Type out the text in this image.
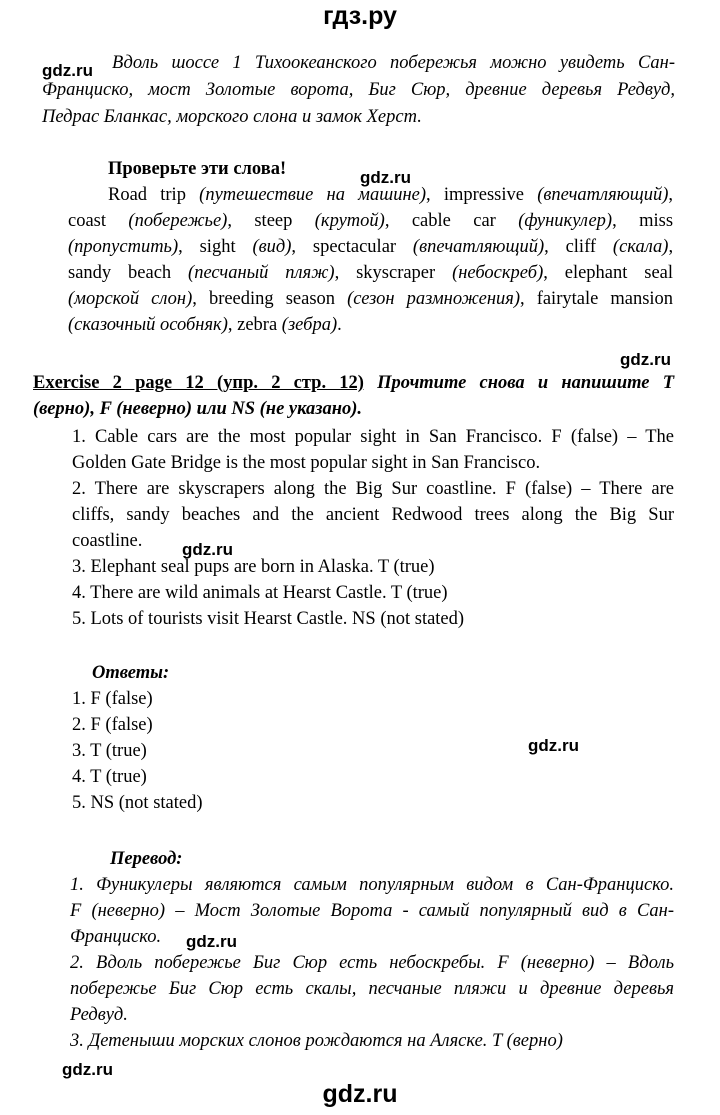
гдз.ру
gdz.ru Вдоль шоссе 1 Тихоокеанского побережья можно увидеть Сан-
Франциско, мост Золотые ворота, Биг Сюр, древние деревья Редвуд,
Педрас Бланкас, морского слона и замок Херст.
Проверьте эти слова!	gdz.ru
Road trip (путешествие на машине), impressive (впечатляющий),
coast (побережье), steep (крутой), cable car (фуникулер), miss
(пропустить), sight (вид), spectacular (впечатляющий), cliff (скала),
sandy beach (песчаный пляж), skyscraper (небоскреб), elephant seal
(морской слон), breeding season (сезон размножения), fairytale mansion
(сказочный особняк), zebra (зебра).
gdz.ru
Exercise 2 page 12 (упр. 2 стр. 12) Прочтите снова и напишите T
(верно), F (неверно) или NS (не указано).
1. Cable cars are the most popular sight in San Francisco. F (false) – The
Golden Gate Bridge is the most popular sight in San Francisco.
2. There are skyscrapers along the Big Sur coastline. F (false) – There are
cliffs, sandy beaches and the ancient Redwood trees along the Big Sur
coastline.	gdz.ru
3. Elephant seal pups are born in Alaska. T (true)
4. There are wild animals at Hearst Castle. T (true)
5. Lots of tourists visit Hearst Castle. NS (not stated)
Ответы:
1. F (false)
2. F (false)
3. T (true)	gdz.ru
4. T (true)
5. NS (not stated)
Перевод:
1. Фуникулеры являются самым популярным видом в Сан-Франциско.
F (неверно) – Мост Золотые Ворота - самый популярный вид в Сан-
Франциско.	gdz.ru
2. Вдоль побережье Биг Сюр есть небоскребы. F (неверно) – Вдоль
побережье Биг Сюр есть скалы, песчаные пляжи и древние деревья
Редвуд.
3. Детеныши морских слонов рождаются на Аляске. T (верно)
gdz.ru
gdz.ru
